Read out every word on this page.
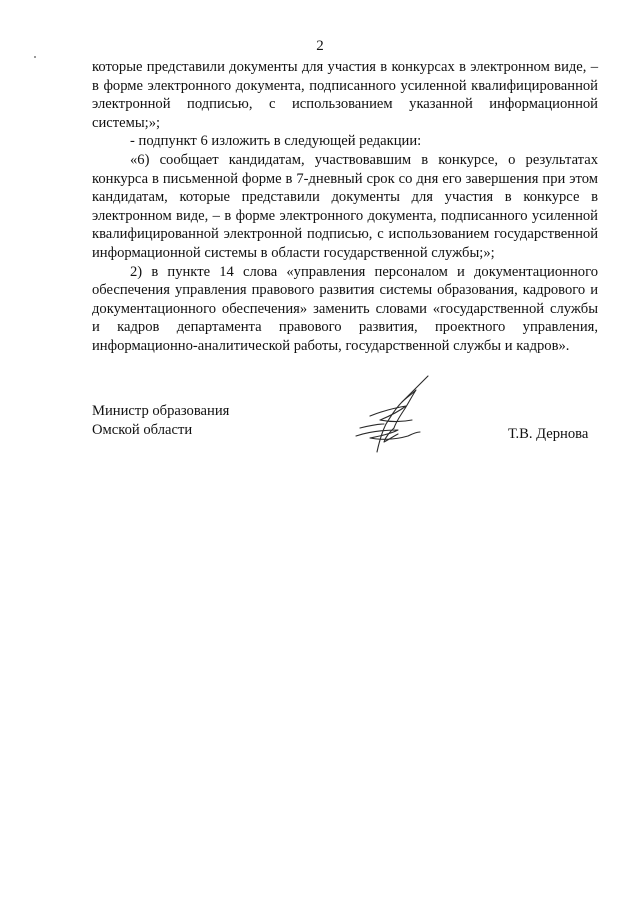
2

которые представили документы для участия в конкурсах в электронном виде, – в форме электронного документа, подписанного усиленной квалифицированной электронной подписью, с использованием указанной информационной системы;»;

- подпункт 6 изложить в следующей редакции:

«6) сообщает кандидатам, участвовавшим в конкурсе, о результатах конкурса в письменной форме в 7-дневный срок со дня его завершения при этом кандидатам, которые представили документы для участия в конкурсе в электронном виде, – в форме электронного документа, подписанного усиленной квалифицированной электронной подписью, с использованием государственной информационной системы в области государственной службы;»;

2) в пункте 14 слова «управления персоналом и документационного обеспечения управления правового развития системы образования, кадрового и документационного обеспечения» заменить словами «государственной службы и кадров департамента правового развития, проектного управления, информационно-аналитической работы, государственной службы и кадров».

Министр образования
Омской области	Т.В. Дернова
